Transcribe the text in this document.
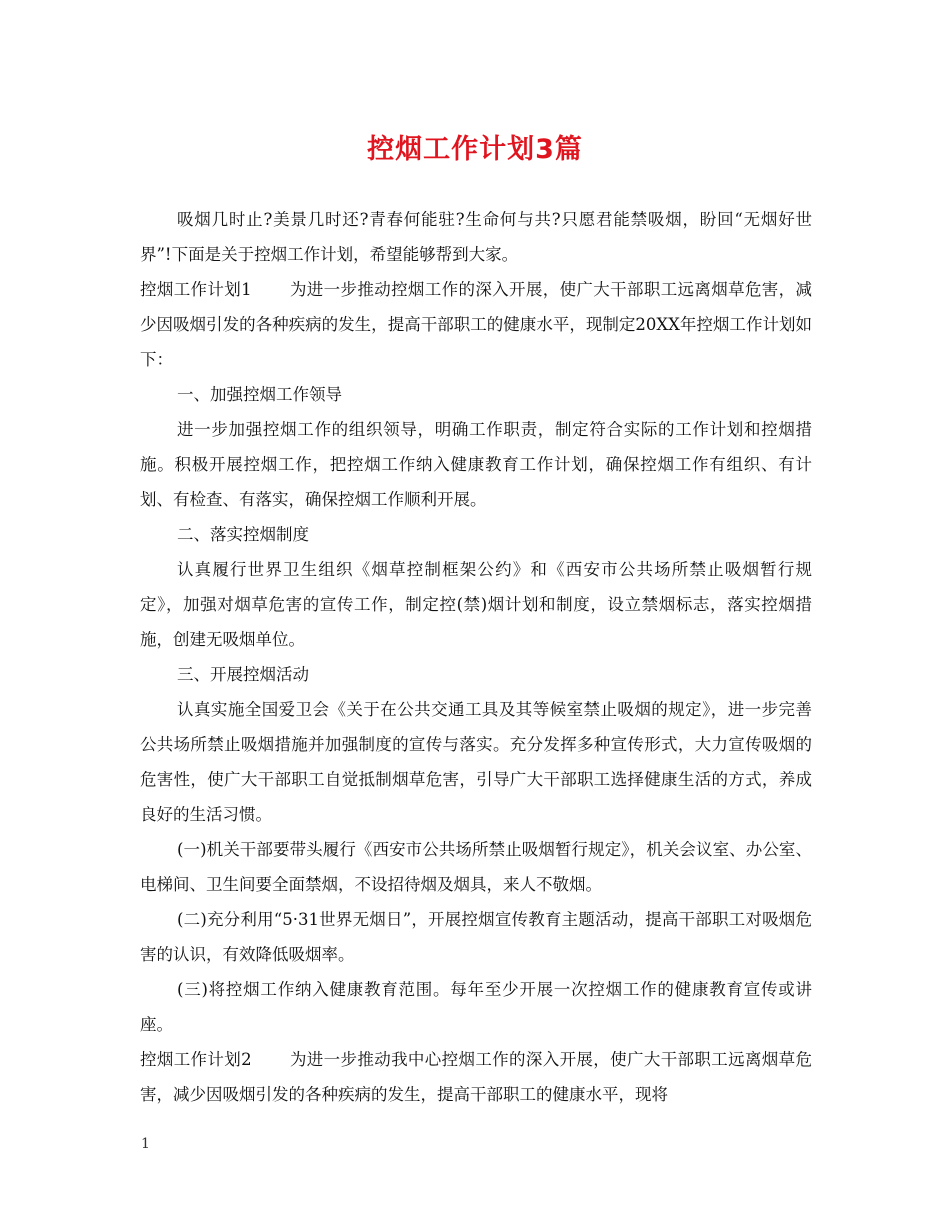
控烟工作计划3篇

吸烟几时止?美景几时还?青春何能驻?生命何与共?只愿君能禁吸烟，盼回“无烟好世界”!下面是关于控烟工作计划，希望能够帮到大家。

控烟工作计划1 为进一步推动控烟工作的深入开展，使广大干部职工远离烟草危害，减少因吸烟引发的各种疾病的发生，提高干部职工的健康水平，现制定20XX年控烟工作计划如下：

一、加强控烟工作领导

进一步加强控烟工作的组织领导，明确工作职责，制定符合实际的工作计划和控烟措施。积极开展控烟工作，把控烟工作纳入健康教育工作计划，确保控烟工作有组织、有计划、有检查、有落实，确保控烟工作顺利开展。

二、落实控烟制度

认真履行世界卫生组织《烟草控制框架公约》和《西安市公共场所禁止吸烟暂行规定》，加强对烟草危害的宣传工作，制定控(禁)烟计划和制度，设立禁烟标志，落实控烟措施，创建无吸烟单位。

三、开展控烟活动

认真实施全国爱卫会《关于在公共交通工具及其等候室禁止吸烟的规定》，进一步完善公共场所禁止吸烟措施并加强制度的宣传与落实。充分发挥多种宣传形式，大力宣传吸烟的危害性，使广大干部职工自觉抵制烟草危害，引导广大干部职工选择健康生活的方式，养成良好的生活习惯。

(一)机关干部要带头履行《西安市公共场所禁止吸烟暂行规定》，机关会议室、办公室、电梯间、卫生间要全面禁烟，不设招待烟及烟具，来人不敬烟。

(二)充分利用“5·31世界无烟日”，开展控烟宣传教育主题活动，提高干部职工对吸烟危害的认识，有效降低吸烟率。

(三)将控烟工作纳入健康教育范围。每年至少开展一次控烟工作的健康教育宣传或讲座。

控烟工作计划2 为进一步推动我中心控烟工作的深入开展，使广大干部职工远离烟草危害，减少因吸烟引发的各种疾病的发生，提高干部职工的健康水平，现将

1
